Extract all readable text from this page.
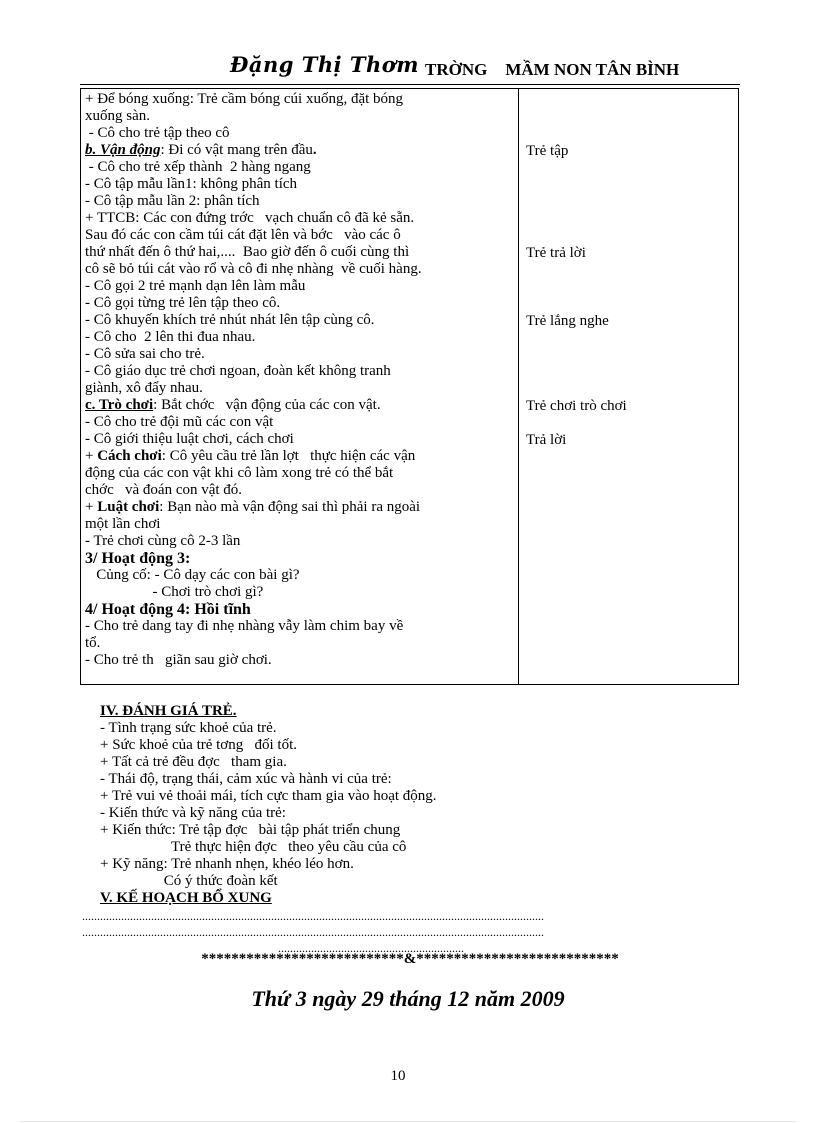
Đặng Thị Thơm TRỜNG MẦM NON TÂN BÌNH
+ Để bóng xuống: Trẻ cầm bóng cúi xuống, đặt bóng
xuống sàn.
- Cô cho trẻ tập theo cô
b. Vận động: Đi có vật mang trên đầu.
- Cô cho trẻ xếp thành  2 hàng ngang
- Cô tập mẫu lần1: không phân tích
- Cô tập mẫu lần 2: phân tích
+ TTCB: Các con đứng trớc   vạch chuẩn cô đã kẻ sẵn.
Sau đó các con cầm túi cát đặt lên và bớc   vào các ô
thứ nhất đến ô thứ hai,....  Bao giờ đến ô cuối cùng thì
cô sẽ bỏ túi cát vào rổ và cô đi nhẹ nhàng  về cuối hàng.
- Cô gọi 2 trẻ mạnh dạn lên làm mẫu
- Cô gọi từng trẻ lên tập theo cô.
- Cô khuyến khích trẻ nhút nhát lên tập cùng cô.
- Cô cho  2 lên thi đua nhau.
- Cô sửa sai cho trẻ.
- Cô giáo dục trẻ chơi ngoan, đoàn kết không tranh
giành, xô đẩy nhau.
c. Trò chơi: Bắt chớc   vận động của các con vật.
- Cô cho trẻ đội mũ các con vật
- Cô giới thiệu luật chơi, cách chơi
+ Cách chơi: Cô yêu cầu trẻ lần lợt   thực hiện các vận
động của các con vật khi cô làm xong trẻ có thể bắt
chớc   và đoán con vật đó.
+ Luật chơi: Bạn nào mà vận động sai thì phải ra ngoài
một lần chơi
- Trẻ chơi cùng cô 2-3 lần
3/ Hoạt động 3:
Củng cố: - Cô dạy các con bài gì?
- Chơi trò chơi gì?
4/ Hoạt động 4: Hồi tĩnh
- Cho trẻ dang tay đi nhẹ nhàng vẫy làm chim bay về
tổ.
- Cho trẻ th   giãn sau giờ chơi.
Trẻ tập
Trẻ trả lời
Trẻ lắng nghe
Trẻ chơi trò chơi
Trả lời
IV. ĐÁNH GIÁ TRẺ.
- Tình trạng sức khoẻ của trẻ.
+ Sức khoẻ của trẻ tơng   đối tốt.
+ Tất cả trẻ đều đợc   tham gia.
- Thái độ, trạng thái, cảm xúc và hành vi của trẻ:
+ Trẻ vui vẻ thoải mái, tích cực tham gia vào hoạt động.
- Kiến thức và kỹ năng của trẻ:
+ Kiến thức: Trẻ tập đợc   bài tập phát triển chung
Trẻ thực hiện đợc   theo yêu cầu của cô
+ Kỹ năng: Trẻ nhanh nhẹn, khéo léo hơn.
Có ý thức đoàn kết
V. KẾ HOẠCH BỔ XUNG
..........................................................................................................................................................
..........................................................................................................................................................
..............................................................
***************************&***************************
Thứ 3 ngày 29 tháng 12 năm 2009
10
